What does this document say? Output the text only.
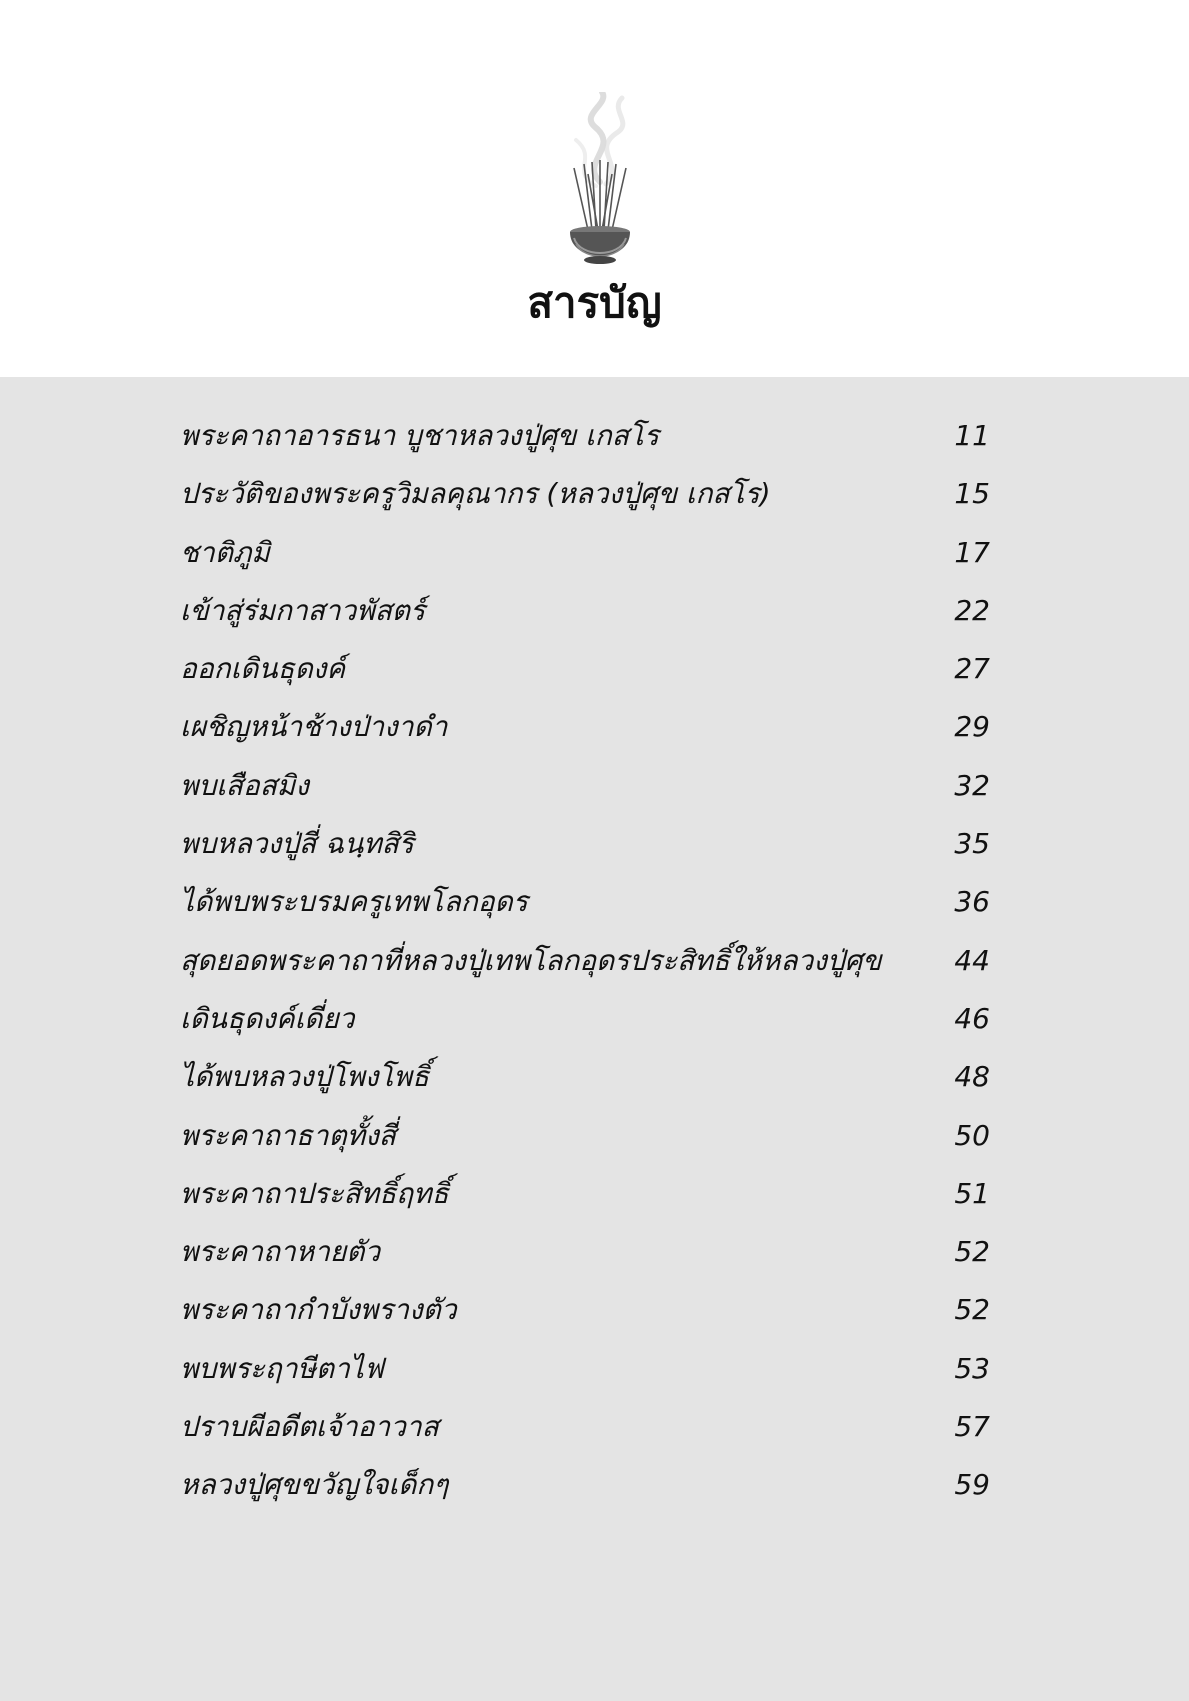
สารบัญ
พระคาถาอารธนา บูชาหลวงปู่ศุข เกสโร	11
ประวัติของพระครูวิมลคุณากร (หลวงปู่ศุข เกสโร)	15
ชาติภูมิ	17
เข้าสู่ร่มกาสาวพัสตร์	22
ออกเดินธุดงค์	27
เผชิญหน้าช้างป่างาดำ	29
พบเสือสมิง	32
พบหลวงปู่สี่ ฉนฺทสิริ	35
ได้พบพระบรมครูเทพโลกอุดร	36
สุดยอดพระคาถาที่หลวงปู่เทพโลกอุดรประสิทธิ์ให้หลวงปู่ศุข	44
เดินธุดงค์เดี่ยว	46
ได้พบหลวงปู่โพงโพธิ์	48
พระคาถาธาตุทั้งสี่	50
พระคาถาประสิทธิ์ฤทธิ์	51
พระคาถาหายตัว	52
พระคาถากำบังพรางตัว	52
พบพระฤาษีตาไฟ	53
ปราบผีอดีตเจ้าอาวาส	57
หลวงปู่ศุขขวัญใจเด็กๆ	59
